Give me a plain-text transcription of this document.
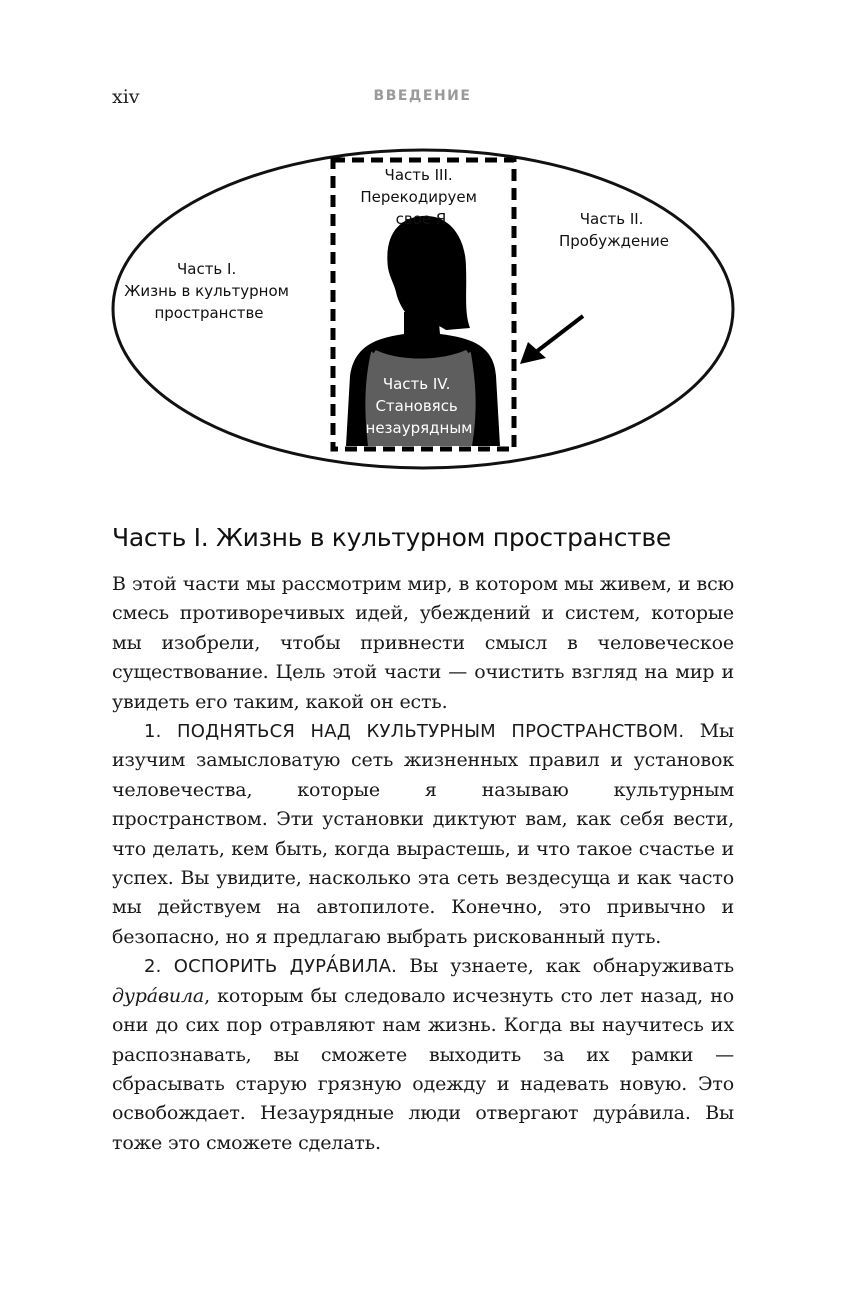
xiv	ВВЕДЕНИЕ
Часть I. Жизнь в культурном пространстве
Часть II. Пробуждение
Часть III. Перекодируем свое Я
Часть IV. Становясь незаурядным
Часть I. Жизнь в культурном пространстве

В этой части мы рассмотрим мир, в котором мы живем, и всю смесь противоречивых идей, убеждений и систем, которые мы изобрели, чтобы привнести смысл в человеческое существование. Цель этой части — очистить взгляд на мир и увидеть его таким, какой он есть.

1. ПОДНЯТЬСЯ НАД КУЛЬТУРНЫМ ПРОСТРАНСТВОМ. Мы изучим замысловатую сеть жизненных правил и установок человечества, которые я называю культурным пространством. Эти установки диктуют вам, как себя вести, что делать, кем быть, когда вырастешь, и что такое счастье и успех. Вы увидите, насколько эта сеть вездесуща и как часто мы действуем на автопилоте. Конечно, это привычно и безопасно, но я предлагаю выбрать рискованный путь.

2. ОСПОРИТЬ ДУРА́ВИЛА. Вы узнаете, как обнаруживать дура́вила, которым бы следовало исчезнуть сто лет назад, но они до сих пор отравляют нам жизнь. Когда вы научитесь их распознавать, вы сможете выходить за их рамки — сбрасывать старую грязную одежду и надевать новую. Это освобождает. Незаурядные люди отвергают дура́вила. Вы тоже это сможете сделать.
